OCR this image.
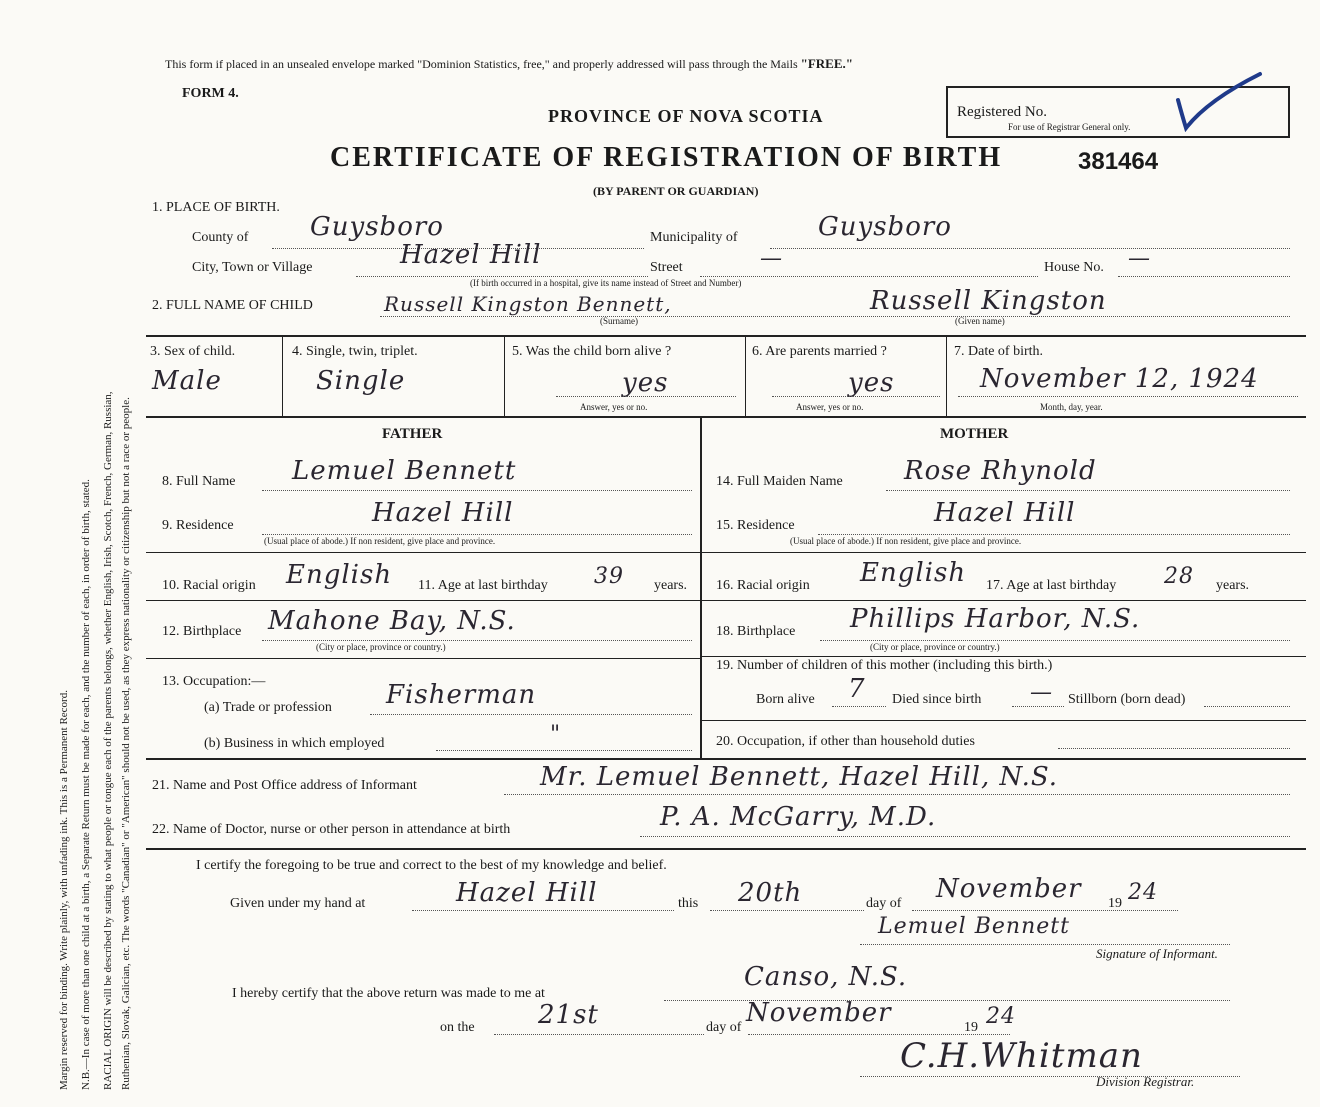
Margin reserved for binding. Write plainly, with unfading ink. This is a Permanent Record. N.B.—In case of more than one child at a birth, a Separate Return must be made for each, and the number of each, in order of birth, stated. RACIAL ORIGIN will be described by stating to what people or tongue each of the parents belongs, whether English, Irish, Scotch, French, German, Russian, Ruthenian, Slovak, Galician, etc. The words "Canadian" or "American" should not be used, as they express nationality or citizenship but not a race or people.
This form if placed in an unsealed envelope marked "Dominion Statistics, free," and properly addressed will pass through the Mails "FREE."
FORM 4.
PROVINCE OF NOVA SCOTIA	Registered No.
For use of Registrar General only.
CERTIFICATE OF REGISTRATION OF BIRTH	381464
(BY PARENT OR GUARDIAN)
1. PLACE OF BIRTH.
County of Guysboro	Municipality of	Guysboro
City, Town or Village	Hazel Hill	Street	—	House No. —
(If birth occurred in a hospital, give its name instead of Street and Number)
2. FULL NAME OF CHILD	Russell Kingston Bennett,	Russell Kingston
(Surname)	(Given name)
3. Sex of child.
Male
4. Single, twin, triplet.
Single
5. Was the child born alive ?
yes
Answer, yes or no.
6. Are parents married ?
yes
Answer, yes or no.
7. Date of birth.
November 12, 1924
Month, day, year.
FATHER	MOTHER
8. Full Name Lemuel Bennett
9. Residence	Hazel Hill
(Usual place of abode.) If non resident, give place and province.
10. Racial origin English 11. Age at last birthday 39 years.
12. Birthplace Mahone Bay, N.S.
(City or place, province or country.)
13. Occupation:—
(a) Trade or profession Fisherman
(b) Business in which employed	"
14. Full Maiden Name Rose Rhynold
15. Residence	Hazel Hill
(Usual place of abode.) If non resident, give place and province.
16. Racial origin English 17. Age at last birthday 28 years.
18. Birthplace Phillips Harbor, N.S.
(City or place, province or country.)
19. Number of children of this mother (including this birth.)
Born alive 7 Died since birth — Stillborn (born dead)
20. Occupation, if other than household duties
21. Name and Post Office address of Informant	Mr. Lemuel Bennett, Hazel Hill, N.S.
22. Name of Doctor, nurse or other person in attendance at birth	P. A. McGarry, M.D.
I certify the foregoing to be true and correct to the best of my knowledge and belief.
Given under my hand at	Hazel Hill	this 20th	day of November 19 24
Lemuel Bennett
Signature of Informant.
I hereby certify that the above return was made to me at
Canso, N.S.
on the 21st	day of November	19 24
C.H.Whitman
Division Registrar.
